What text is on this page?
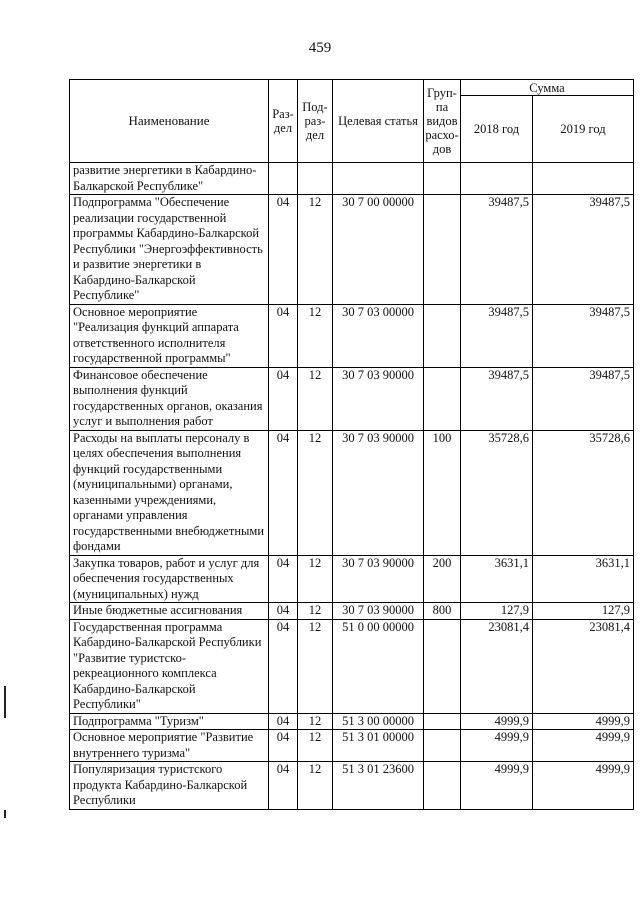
459
Наименование	Раз-дел	Под-раз-дел	Целевая статья	Груп-па видов расхо-дов	Сумма	
					2018 год	2019 год
развитие энергетики в Кабардино-Балкарской Республике"						
Подпрограмма "Обеспечение реализации государственной программы Кабардино-Балкарской Республики "Энергоэффективность и развитие энергетики в Кабардино-Балкарской Республике"	04	12	30 7 00 00000		39487,5	39487,5
Основное мероприятие "Реализация функций аппарата ответственного исполнителя государственной программы"	04	12	30 7 03 00000		39487,5	39487,5
Финансовое обеспечение выполнения функций государственных органов, оказания услуг и выполнения работ	04	12	30 7 03 90000		39487,5	39487,5
Расходы на выплаты персоналу в целях обеспечения выполнения функций государственными (муниципальными) органами, казенными учреждениями, органами управления государственными внебюджетными фондами	04	12	30 7 03 90000	100	35728,6	35728,6
Закупка товаров, работ и услуг для обеспечения государственных (муниципальных) нужд	04	12	30 7 03 90000	200	3631,1	3631,1
Иные бюджетные ассигнования	04	12	30 7 03 90000	800	127,9	127,9
Государственная программа Кабардино-Балкарской Республики "Развитие туристско-рекреационного комплекса Кабардино-Балкарской Республики"	04	12	51 0 00 00000		23081,4	23081,4
Подпрограмма "Туризм"	04	12	51 3 00 00000		4999,9	4999,9
Основное мероприятие "Развитие внутреннего туризма"	04	12	51 3 01 00000		4999,9	4999,9
Популяризация туристского продукта Кабардино-Балкарской Республики	04	12	51 3 01 23600		4999,9	4999,9
